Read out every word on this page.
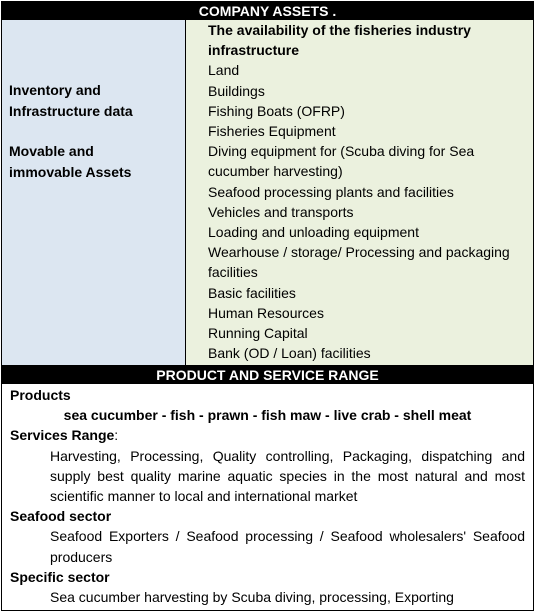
COMPANY ASSETS .
Inventory and
Infrastructure data
Movable and
immovable Assets
The availability of the fisheries industry infrastructure
Land
Buildings
Fishing Boats (OFRP)
Fisheries Equipment
Diving equipment for (Scuba diving for Sea cucumber harvesting)
Seafood processing plants and facilities
Vehicles and transports
Loading and unloading equipment
Wearhouse / storage/ Processing and packaging facilities
Basic facilities
Human Resources
Running Capital
Bank (OD / Loan) facilities
PRODUCT AND SERVICE RANGE
Products
sea cucumber - fish - prawn - fish maw - live crab - shell meat
Services Range:
Harvesting, Processing, Quality controlling, Packaging, dispatching and supply best quality marine aquatic species in the most natural and most scientific manner to local and international market
Seafood sector
Seafood Exporters / Seafood processing / Seafood wholesalers' Seafood producers
Specific sector
Sea cucumber harvesting by Scuba diving, processing, Exporting
